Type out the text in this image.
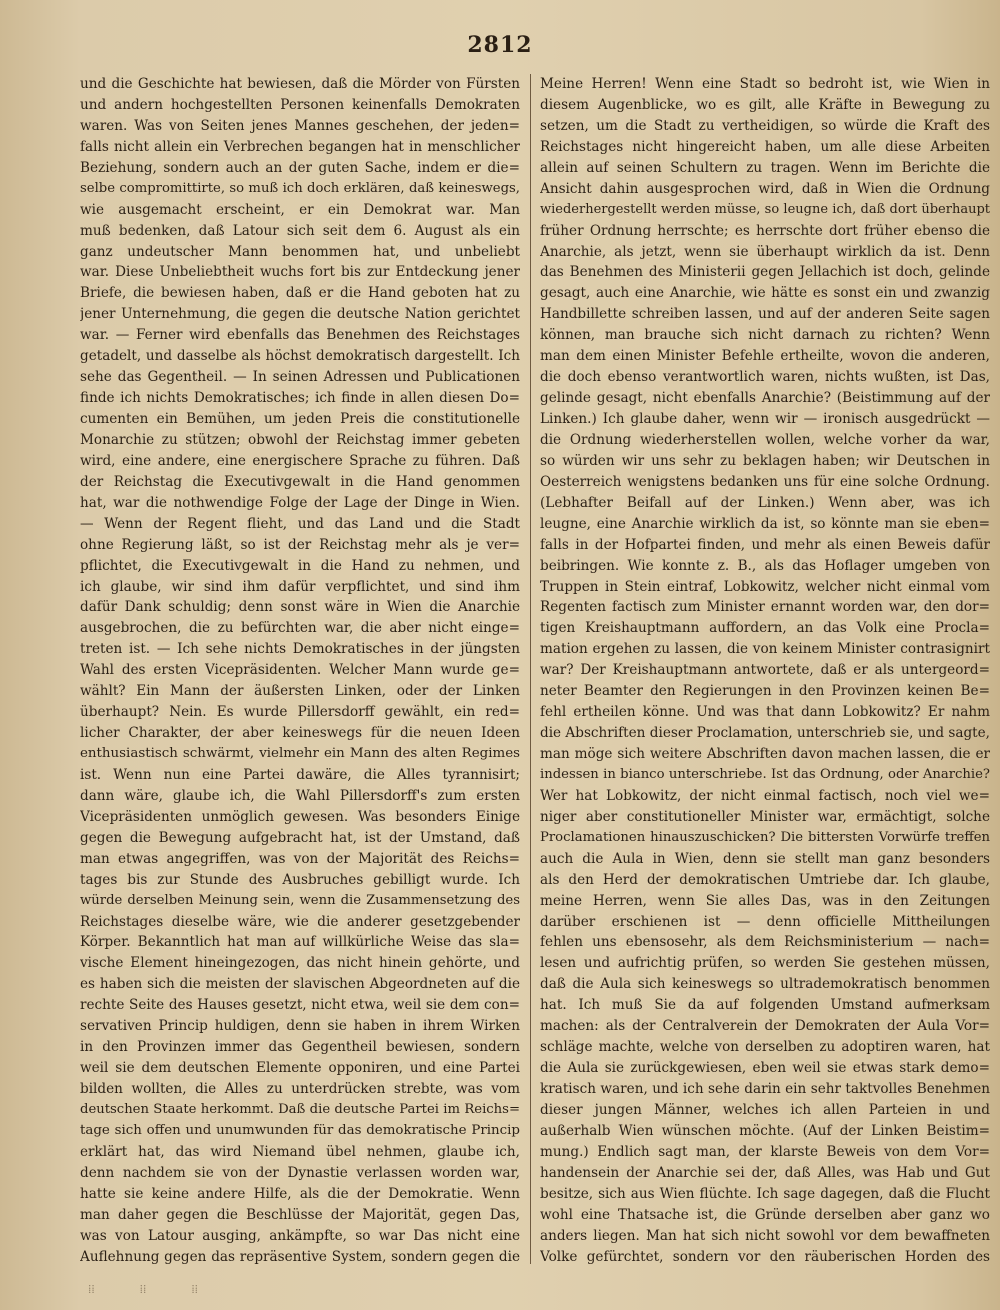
2812
und die Geschichte hat bewiesen, daß die Mörder von Fürsten
und andern hochgestellten Personen keinenfalls Demokraten
waren. Was von Seiten jenes Mannes geschehen, der jeden=
falls nicht allein ein Verbrechen begangen hat in menschlicher
Beziehung, sondern auch an der guten Sache, indem er die=
selbe compromittirte, so muß ich doch erklären, daß keineswegs,
wie ausgemacht erscheint, er ein Demokrat war. Man
muß bedenken, daß Latour sich seit dem 6. August als ein
ganz undeutscher Mann benommen hat, und unbeliebt
war. Diese Unbeliebtheit wuchs fort bis zur Entdeckung jener
Briefe, die bewiesen haben, daß er die Hand geboten hat zu
jener Unternehmung, die gegen die deutsche Nation gerichtet
war. — Ferner wird ebenfalls das Benehmen des Reichstages
getadelt, und dasselbe als höchst demokratisch dargestellt. Ich
sehe das Gegentheil. — In seinen Adressen und Publicationen
finde ich nichts Demokratisches; ich finde in allen diesen Do=
cumenten ein Bemühen, um jeden Preis die constitutionelle
Monarchie zu stützen; obwohl der Reichstag immer gebeten
wird, eine andere, eine energischere Sprache zu führen. Daß
der Reichstag die Executivgewalt in die Hand genommen
hat, war die nothwendige Folge der Lage der Dinge in Wien.
— Wenn der Regent flieht, und das Land und die Stadt
ohne Regierung läßt, so ist der Reichstag mehr als je ver=
pflichtet, die Executivgewalt in die Hand zu nehmen, und
ich glaube, wir sind ihm dafür verpflichtet, und sind ihm
dafür Dank schuldig; denn sonst wäre in Wien die Anarchie
ausgebrochen, die zu befürchten war, die aber nicht einge=
treten ist. — Ich sehe nichts Demokratisches in der jüngsten
Wahl des ersten Vicepräsidenten. Welcher Mann wurde ge=
wählt? Ein Mann der äußersten Linken, oder der Linken
überhaupt? Nein. Es wurde Pillersdorff gewählt, ein red=
licher Charakter, der aber keineswegs für die neuen Ideen
enthusiastisch schwärmt, vielmehr ein Mann des alten Regimes
ist. Wenn nun eine Partei dawäre, die Alles tyrannisirt;
dann wäre, glaube ich, die Wahl Pillersdorff's zum ersten
Vicepräsidenten unmöglich gewesen. Was besonders Einige
gegen die Bewegung aufgebracht hat, ist der Umstand, daß
man etwas angegriffen, was von der Majorität des Reichs=
tages bis zur Stunde des Ausbruches gebilligt wurde. Ich
würde derselben Meinung sein, wenn die Zusammensetzung des
Reichstages dieselbe wäre, wie die anderer gesetzgebender
Körper. Bekanntlich hat man auf willkürliche Weise das sla=
vische Element hineingezogen, das nicht hinein gehörte, und
es haben sich die meisten der slavischen Abgeordneten auf die
rechte Seite des Hauses gesetzt, nicht etwa, weil sie dem con=
servativen Princip huldigen, denn sie haben in ihrem Wirken
in den Provinzen immer das Gegentheil bewiesen, sondern
weil sie dem deutschen Elemente opponiren, und eine Partei
bilden wollten, die Alles zu unterdrücken strebte, was vom
deutschen Staate herkommt. Daß die deutsche Partei im Reichs=
tage sich offen und unumwunden für das demokratische Princip
erklärt hat, das wird Niemand übel nehmen, glaube ich,
denn nachdem sie von der Dynastie verlassen worden war,
hatte sie keine andere Hilfe, als die der Demokratie. Wenn
man daher gegen die Beschlüsse der Majorität, gegen Das,
was von Latour ausging, ankämpfte, so war Das nicht eine
Auflehnung gegen das repräsentive System, sondern gegen die
Meine Herren! Wenn eine Stadt so bedroht ist, wie Wien in
diesem Augenblicke, wo es gilt, alle Kräfte in Bewegung zu
setzen, um die Stadt zu vertheidigen, so würde die Kraft des
Reichstages nicht hingereicht haben, um alle diese Arbeiten
allein auf seinen Schultern zu tragen. Wenn im Berichte die
Ansicht dahin ausgesprochen wird, daß in Wien die Ordnung
wiederhergestellt werden müsse, so leugne ich, daß dort überhaupt
früher Ordnung herrschte; es herrschte dort früher ebenso die
Anarchie, als jetzt, wenn sie überhaupt wirklich da ist. Denn
das Benehmen des Ministerii gegen Jellachich ist doch, gelinde
gesagt, auch eine Anarchie, wie hätte es sonst ein und zwanzig
Handbillette schreiben lassen, und auf der anderen Seite sagen
können, man brauche sich nicht darnach zu richten? Wenn
man dem einen Minister Befehle ertheilte, wovon die anderen,
die doch ebenso verantwortlich waren, nichts wußten, ist Das,
gelinde gesagt, nicht ebenfalls Anarchie? (Beistimmung auf der
Linken.) Ich glaube daher, wenn wir — ironisch ausgedrückt —
die Ordnung wiederherstellen wollen, welche vorher da war,
so würden wir uns sehr zu beklagen haben; wir Deutschen in
Oesterreich wenigstens bedanken uns für eine solche Ordnung.
(Lebhafter Beifall auf der Linken.) Wenn aber, was ich
leugne, eine Anarchie wirklich da ist, so könnte man sie eben=
falls in der Hofpartei finden, und mehr als einen Beweis dafür
beibringen. Wie konnte z. B., als das Hoflager umgeben von
Truppen in Stein eintraf, Lobkowitz, welcher nicht einmal vom
Regenten factisch zum Minister ernannt worden war, den dor=
tigen Kreishauptmann auffordern, an das Volk eine Procla=
mation ergehen zu lassen, die von keinem Minister contrasignirt
war? Der Kreishauptmann antwortete, daß er als untergeord=
neter Beamter den Regierungen in den Provinzen keinen Be=
fehl ertheilen könne. Und was that dann Lobkowitz? Er nahm
die Abschriften dieser Proclamation, unterschrieb sie, und sagte,
man möge sich weitere Abschriften davon machen lassen, die er
indessen in bianco unterschriebe. Ist das Ordnung, oder Anarchie?
Wer hat Lobkowitz, der nicht einmal factisch, noch viel we=
niger aber constitutioneller Minister war, ermächtigt, solche
Proclamationen hinauszuschicken? Die bittersten Vorwürfe treffen
auch die Aula in Wien, denn sie stellt man ganz besonders
als den Herd der demokratischen Umtriebe dar. Ich glaube,
meine Herren, wenn Sie alles Das, was in den Zeitungen
darüber erschienen ist — denn officielle Mittheilungen
fehlen uns ebensosehr, als dem Reichsministerium — nach=
lesen und aufrichtig prüfen, so werden Sie gestehen müssen,
daß die Aula sich keineswegs so ultrademokratisch benommen
hat. Ich muß Sie da auf folgenden Umstand aufmerksam
machen: als der Centralverein der Demokraten der Aula Vor=
schläge machte, welche von derselben zu adoptiren waren, hat
die Aula sie zurückgewiesen, eben weil sie etwas stark demo=
kratisch waren, und ich sehe darin ein sehr taktvolles Benehmen
dieser jungen Männer, welches ich allen Parteien in und
außerhalb Wien wünschen möchte. (Auf der Linken Beistim=
mung.) Endlich sagt man, der klarste Beweis von dem Vor=
handensein der Anarchie sei der, daß Alles, was Hab und Gut
besitze, sich aus Wien flüchte. Ich sage dagegen, daß die Flucht
wohl eine Thatsache ist, die Gründe derselben aber ganz wo
anders liegen. Man hat sich nicht sowohl vor dem bewaffneten
Volke gefürchtet, sondern vor den räuberischen Horden des
⁞⁞	⁞⁞	⁞⁞
